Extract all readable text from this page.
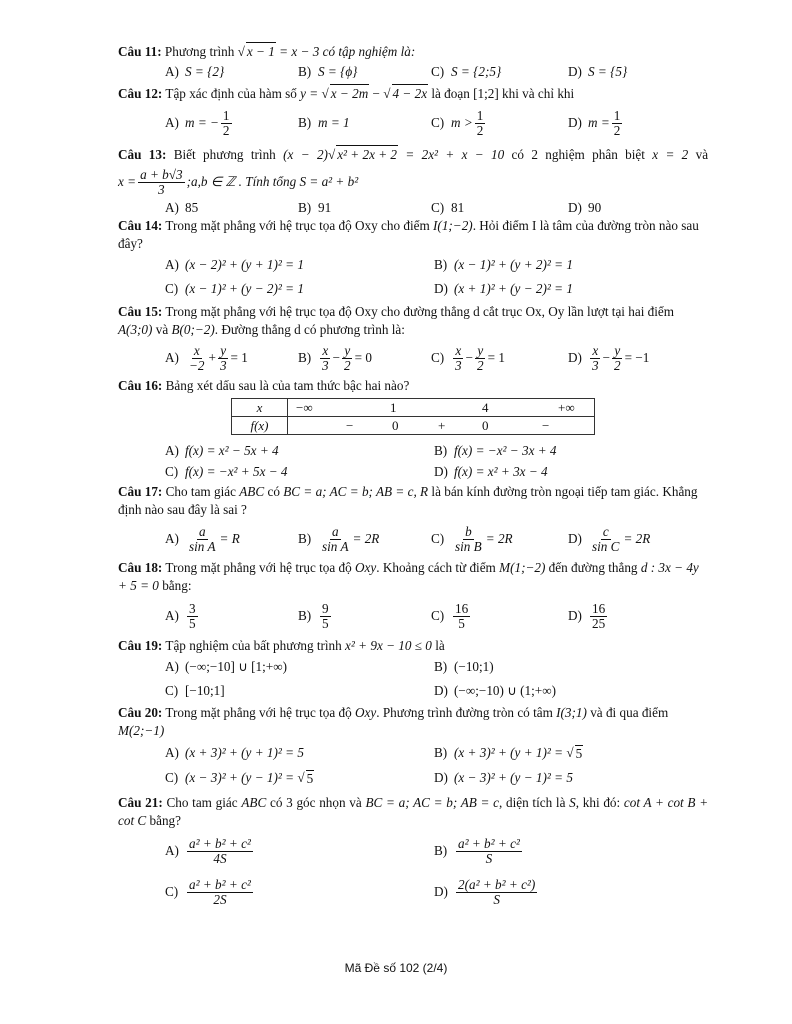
Câu 11: Phương trình √ x − 1 = x − 3 có tập nghiệm là:
A) S = {2}	B) S = {ϕ}	C) S = {2;5}	D) S = {5}
Câu 12: Tập xác định của hàm số y = √ x − 2m − √ 4 − 2x là đoạn [1;2] khi và chỉ khi
A) m = − $\frac{1}{2}$	B) m = 1	C) $m > \frac{1}{2}$	D) $m = \frac{1}{2}$
Câu 13: Biết phương trình (x − 2)√ x² + 2x + 2 = 2x² + x − 10 có 2 nghiệm phân biệt x = 2 và
$x = \frac{a + b√3}{3}$ ;a,b ∈ ℤ . Tính tổng
S = a² + b²
A) 85	B) 91	C) 81	D) 90
Câu 14: Trong mặt phẳng với hệ trục tọa độ Oxy cho điểm I(1;−2). Hỏi điểm I là tâm của đường tròn nào sau đây?
A) (x − 2)² + (y + 1)² = 1	B) (x − 1)² + (y + 2)² = 1
C) (x − 1)² + (y − 2)² = 1	D) (x + 1)² + (y − 2)² = 1
Câu 15: Trong mặt phẳng với hệ trục tọa độ Oxy cho đường thẳng d cắt trục Ox, Oy lần lượt tại hai điểm A(3;0) và B(0;−2). Đường thẳng d có phương trình là:
$A) \frac{x}{-2} + \frac{y}{3} = 1$	$B) \frac{x}{3} - \frac{y}{2} = 0$	$C) \frac{x}{3} - \frac{y}{2} = 1$	$D) \frac{x}{3} - \frac{y}{2} = -1$
Câu 16: Bảng xét dấu sau là của tam thức bậc hai nào?
x	−∞ 1 4 +∞

f(x)	− 0 + 0 −
A) f(x) = x² − 5x + 4	B) f(x) = −x² − 3x + 4
C) f(x) = −x² + 5x − 4	D) f(x) = x² + 3x − 4
Câu 17: Cho tam giác ABC có BC = a; AC = b; AB = c, R là bán kính đường tròn ngoại tiếp tam giác. Khẳng định nào sau đây là sai ?
$A) \frac{a}{\text{sin A}} = R$	$B) \frac{a}{\text{sin A}} = 2R$	$C) \frac{b}{\text{sin B}} = 2R$	$D) \frac{c}{\text{sin C}} = 2R$
Câu 18: Trong mặt phẳng với hệ trục tọa độ Oxy. Khoảng cách từ điểm M(1;−2) đến đường thẳng d : 3x − 4y + 5 = 0 bằng:
$A) \frac{3}{5}$	$B) \frac{9}{5}$	$C) \frac{16}{5}$	$D) \frac{16}{25}$
Câu 19: Tập nghiệm của bất phương trình x² + 9x − 10 ≤ 0 là
A) (−∞;−10] ∪ [1;+∞)	B) (−10;1)
C) [−10;1]	D) (−∞;−10) ∪ (1;+∞)
Câu 20: Trong mặt phẳng với hệ trục tọa độ Oxy. Phương trình đường tròn có tâm I(3;1) và đi qua điểm M(2;−1)
A) (x + 3)² + (y + 1)² = 5	B) (x + 3)² + (y + 1)² =
√ 5
C) (x − 3)² + (y − 1)² =
√ 5	D) (x − 3)² + (y − 1)² = 5
Câu 21: Cho tam giác ABC có 3 góc nhọn và BC = a; AC = b; AB = c, diện tích là S, khi đó: cot A + cot B + cot C bằng?
$A) \frac{\text{a² + b² + c²}}{4S}$	$B) \frac{\text{a² + b² + c²}}{S}$
$C) \frac{\text{a² + b² + c²}}{2S}$	$D) \frac{\text{2(a² + b² + c²)}}{S}$
Mã Đề số 102 (2/4)
